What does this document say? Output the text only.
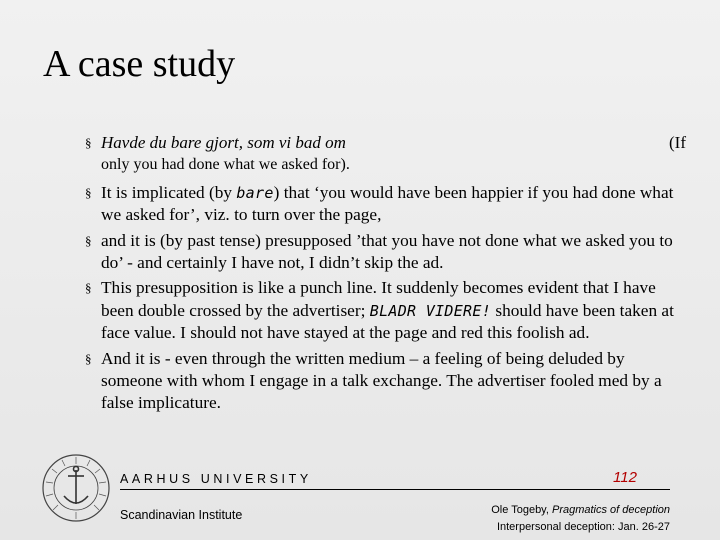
A case study
§ Havde du bare gjort, som vi bad om	(If
only you had done what we asked for).
§ It is implicated (by bare) that ‘you would have been happier if you had done what we asked for’, viz. to turn over the page,
§ and it is (by past tense) presupposed ’that you have not done what we asked you to do’ - and certainly I have not, I didn’t skip the ad.
§ This presupposition is like a punch line. It suddenly becomes evident that I have been double crossed by the advertiser; BLADR VIDERE! should have been taken at face value. I should not have stayed at the page and red this foolish ad.
§ And it is - even through the written medium – a feeling of being deluded by someone with whom I engage in a talk exchange. The advertiser fooled med by a false implicature.
AARHUS UNIVERSITY	112
Scandinavian Institute	Ole Togeby, Pragmatics of deception
Interpersonal deception: Jan. 26-27
